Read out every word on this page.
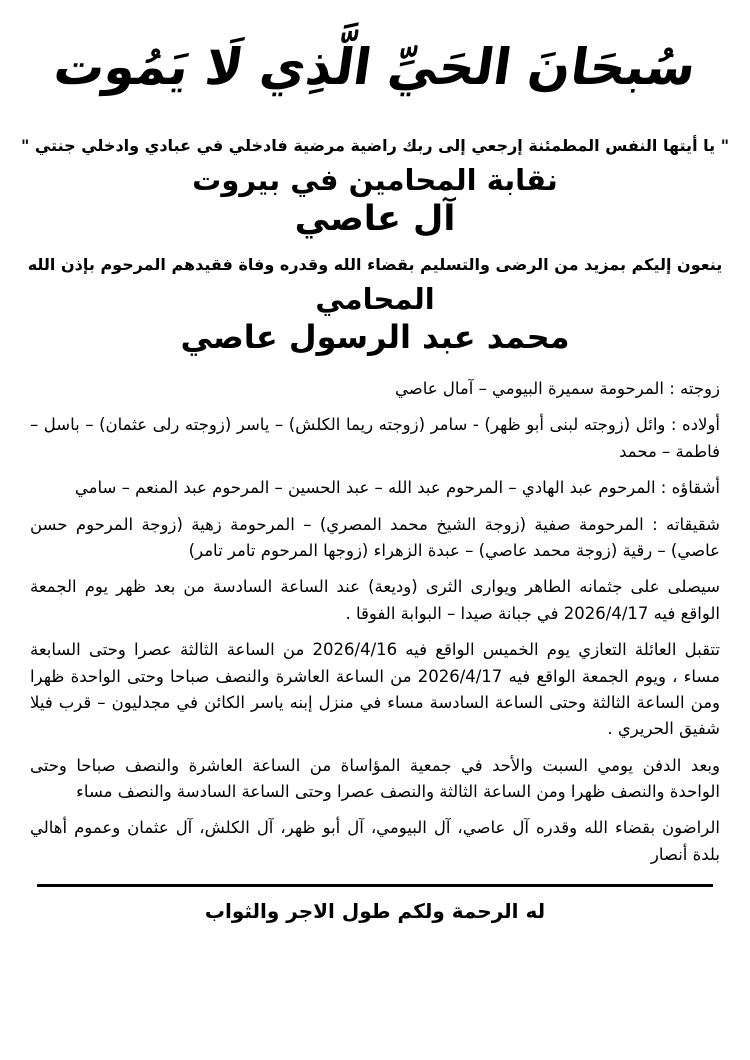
سُبحَانَ الحَيِّ الَّذِي لَا يَمُوت
" يا أيتها النفس المطمئنة إرجعي إلى ربك راضية مرضية فادخلي في عبادي وادخلي جنتي "
نقابة المحامين في بيروت
آل عاصي
ينعون إليكم بمزيد من الرضى والتسليم بقضاء الله وقدره وفاة فقيدهم المرحوم بإذن الله
المحامي
محمد عبد الرسول عاصي

زوجته : المرحومة سميرة البيومي – آمال عاصي

أولاده : وائل (زوجته لبنى أبو ظهر) - سامر (زوجته ريما الكلش) – ياسر (زوجته رلى عثمان) – باسل – فاطمة – محمد

أشقاؤه : المرحوم عبد الهادي – المرحوم عبد الله – عبد الحسين – المرحوم عبد المنعم – سامي

شقيقاته : المرحومة صفية (زوجة الشيخ محمد المصري) – المرحومة زهية (زوجة المرحوم حسن عاصي) – رقية (زوجة محمد عاصي) – عبدة الزهراء (زوجها المرحوم تامر تامر)

سيصلى على جثمانه الطاهر ويوارى الثرى (وديعة) عند الساعة السادسة من بعد ظهر يوم الجمعة الواقع فيه 2026/4/17 في جبانة صيدا – البوابة الفوقا .

تتقبل العائلة التعازي يوم الخميس الواقع فيه 2026/4/16 من الساعة الثالثة عصرا وحتى السابعة مساء ، ويوم الجمعة الواقع فيه 2026/4/17 من الساعة العاشرة والنصف صباحا وحتى الواحدة ظهرا ومن الساعة الثالثة وحتى الساعة السادسة مساء في منزل إبنه ياسر الكائن في مجدليون – قرب فيلا شفيق الحريري .

وبعد الدفن يومي السبت والأحد في جمعية المؤاساة من الساعة العاشرة والنصف صباحا وحتى الواحدة والنصف ظهرا ومن الساعة الثالثة والنصف عصرا وحتى الساعة السادسة والنصف مساء

الراضون بقضاء الله وقدره آل عاصي، آل البيومي، آل أبو ظهر، آل الكلش، آل عثمان وعموم أهالي بلدة أنصار

له الرحمة ولكم طول الاجر والثواب
